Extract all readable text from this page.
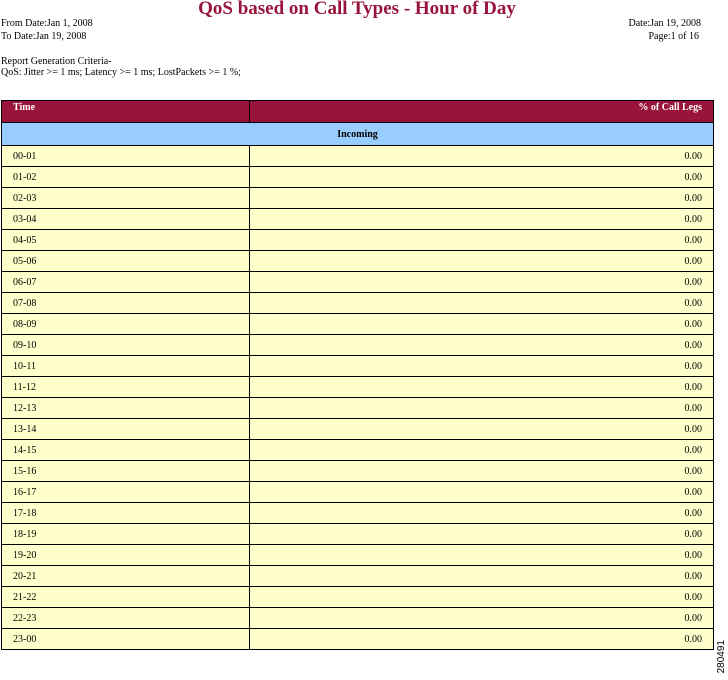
QoS based on Call Types - Hour of Day
From Date:Jan 1, 2008
To Date:Jan 19, 2008
Date:Jan 19, 2008
Page:1 of 16
Report Generation Criteria-
QoS: Jitter >= 1 ms; Latency >= 1 ms; LostPackets >= 1 %;
Time	% of Call Legs
Incoming	
00-01	0.00
01-02	0.00
02-03	0.00
03-04	0.00
04-05	0.00
05-06	0.00
06-07	0.00
07-08	0.00
08-09	0.00
09-10	0.00
10-11	0.00
11-12	0.00
12-13	0.00
13-14	0.00
14-15	0.00
15-16	0.00
16-17	0.00
17-18	0.00
18-19	0.00
19-20	0.00
20-21	0.00
21-22	0.00
22-23	0.00
23-00	0.00
280491
